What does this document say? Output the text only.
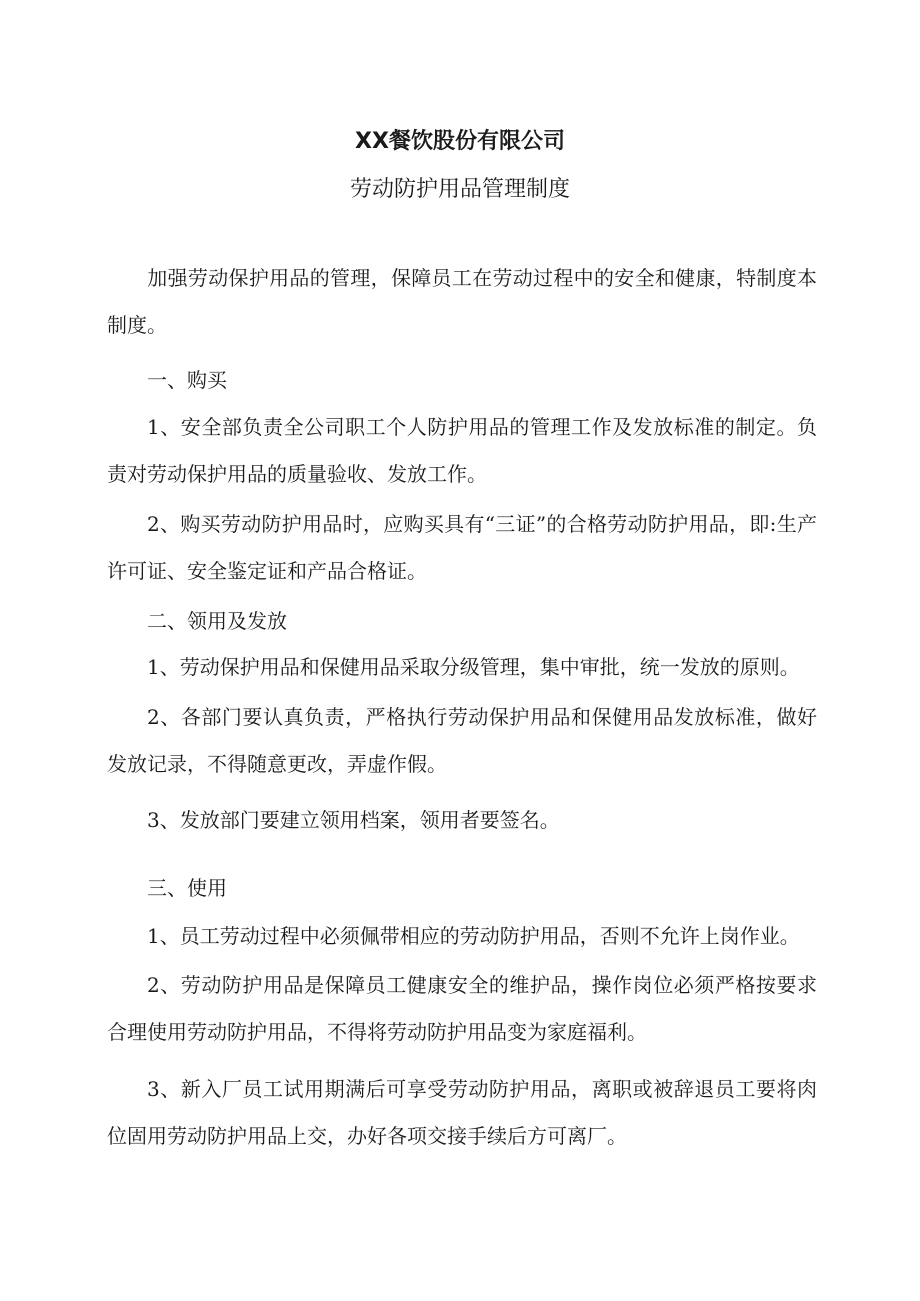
XX餐饮股份有限公司
劳动防护用品管理制度
加强劳动保护用品的管理，保障员工在劳动过程中的安全和健康，特制度本制度。
一、购买
1、安全部负责全公司职工个人防护用品的管理工作及发放标准的制定。负责对劳动保护用品的质量验收、发放工作。
2、购买劳动防护用品时，应购买具有“三证”的合格劳动防护用品，即:生产许可证、安全鉴定证和产品合格证。
二、领用及发放
1、劳动保护用品和保健用品采取分级管理，集中审批，统一发放的原则。
2、各部门要认真负责，严格执行劳动保护用品和保健用品发放标准，做好发放记录，不得随意更改，弄虚作假。
3、发放部门要建立领用档案，领用者要签名。
三、使用
1、员工劳动过程中必须佩带相应的劳动防护用品，否则不允许上岗作业。
2、劳动防护用品是保障员工健康安全的维护品，操作岗位必须严格按要求合理使用劳动防护用品，不得将劳动防护用品变为家庭福利。
3、新入厂员工试用期满后可享受劳动防护用品，离职或被辞退员工要将肉位固用劳动防护用品上交，办好各项交接手续后方可离厂。
